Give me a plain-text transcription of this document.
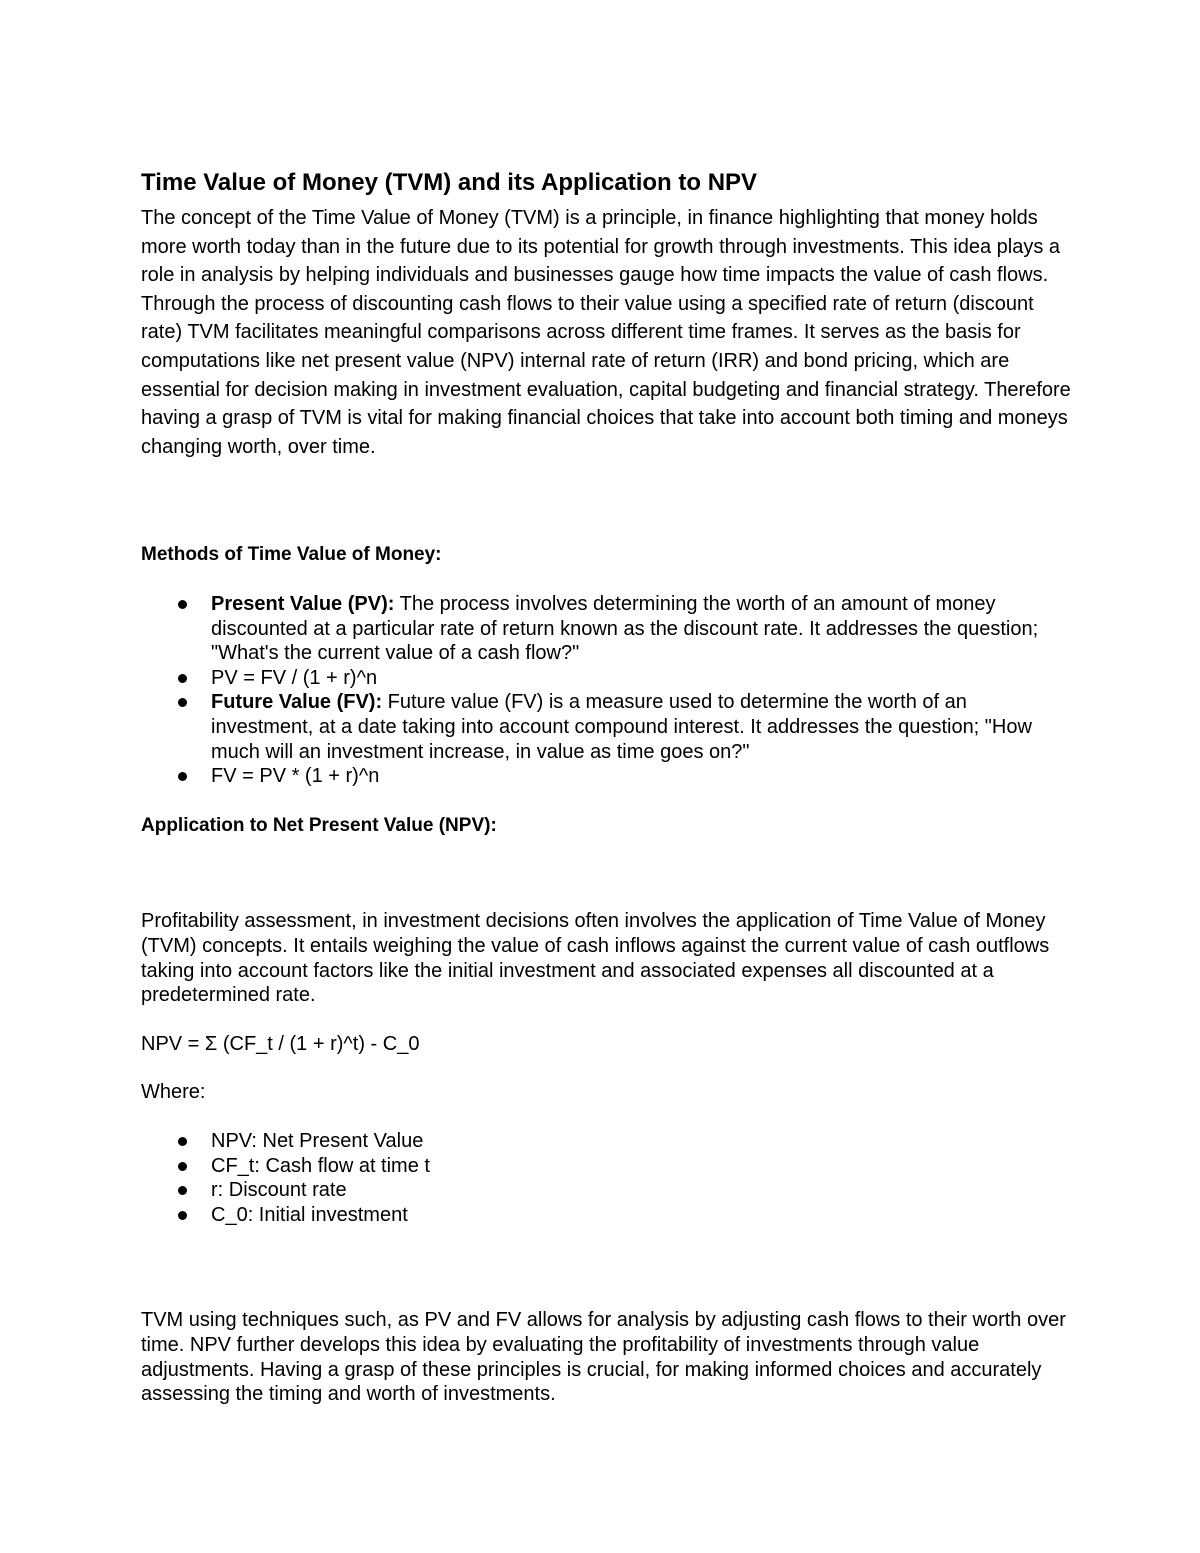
Time Value of Money (TVM) and its Application to NPV

The concept of the Time Value of Money (TVM) is a principle, in finance highlighting that money holds more worth today than in the future due to its potential for growth through investments. This idea plays a role in analysis by helping individuals and businesses gauge how time impacts the value of cash flows. Through the process of discounting cash flows to their value using a specified rate of return (discount rate) TVM facilitates meaningful comparisons across different time frames. It serves as the basis for computations like net present value (NPV) internal rate of return (IRR) and bond pricing, which are essential for decision making in investment evaluation, capital budgeting and financial strategy. Therefore having a grasp of TVM is vital for making financial choices that take into account both timing and moneys changing worth, over time.

Methods of Time Value of Money:
Present Value (PV): The process involves determining the worth of an amount of money discounted at a particular rate of return known as the discount rate. It addresses the question; "What's the current value of a cash flow?"
PV = FV / (1 + r)^n
Future Value (FV): Future value (FV) is a measure used to determine the worth of an investment, at a date taking into account compound interest. It addresses the question; "How much will an investment increase, in value as time goes on?"
FV = PV * (1 + r)^n
Application to Net Present Value (NPV):

Profitability assessment, in investment decisions often involves the application of Time Value of Money (TVM) concepts. It entails weighing the value of cash inflows against the current value of cash outflows taking into account factors like the initial investment and associated expenses all discounted at a predetermined rate.

NPV = Σ (CF_t / (1 + r)^t) - C_0

Where:

NPV: Net Present Value
CF_t: Cash flow at time t
r: Discount rate
C_0: Initial investment

TVM using techniques such, as PV and FV allows for analysis by adjusting cash flows to their worth over time. NPV further develops this idea by evaluating the profitability of investments through value adjustments. Having a grasp of these principles is crucial, for making informed choices and accurately assessing the timing and worth of investments.
